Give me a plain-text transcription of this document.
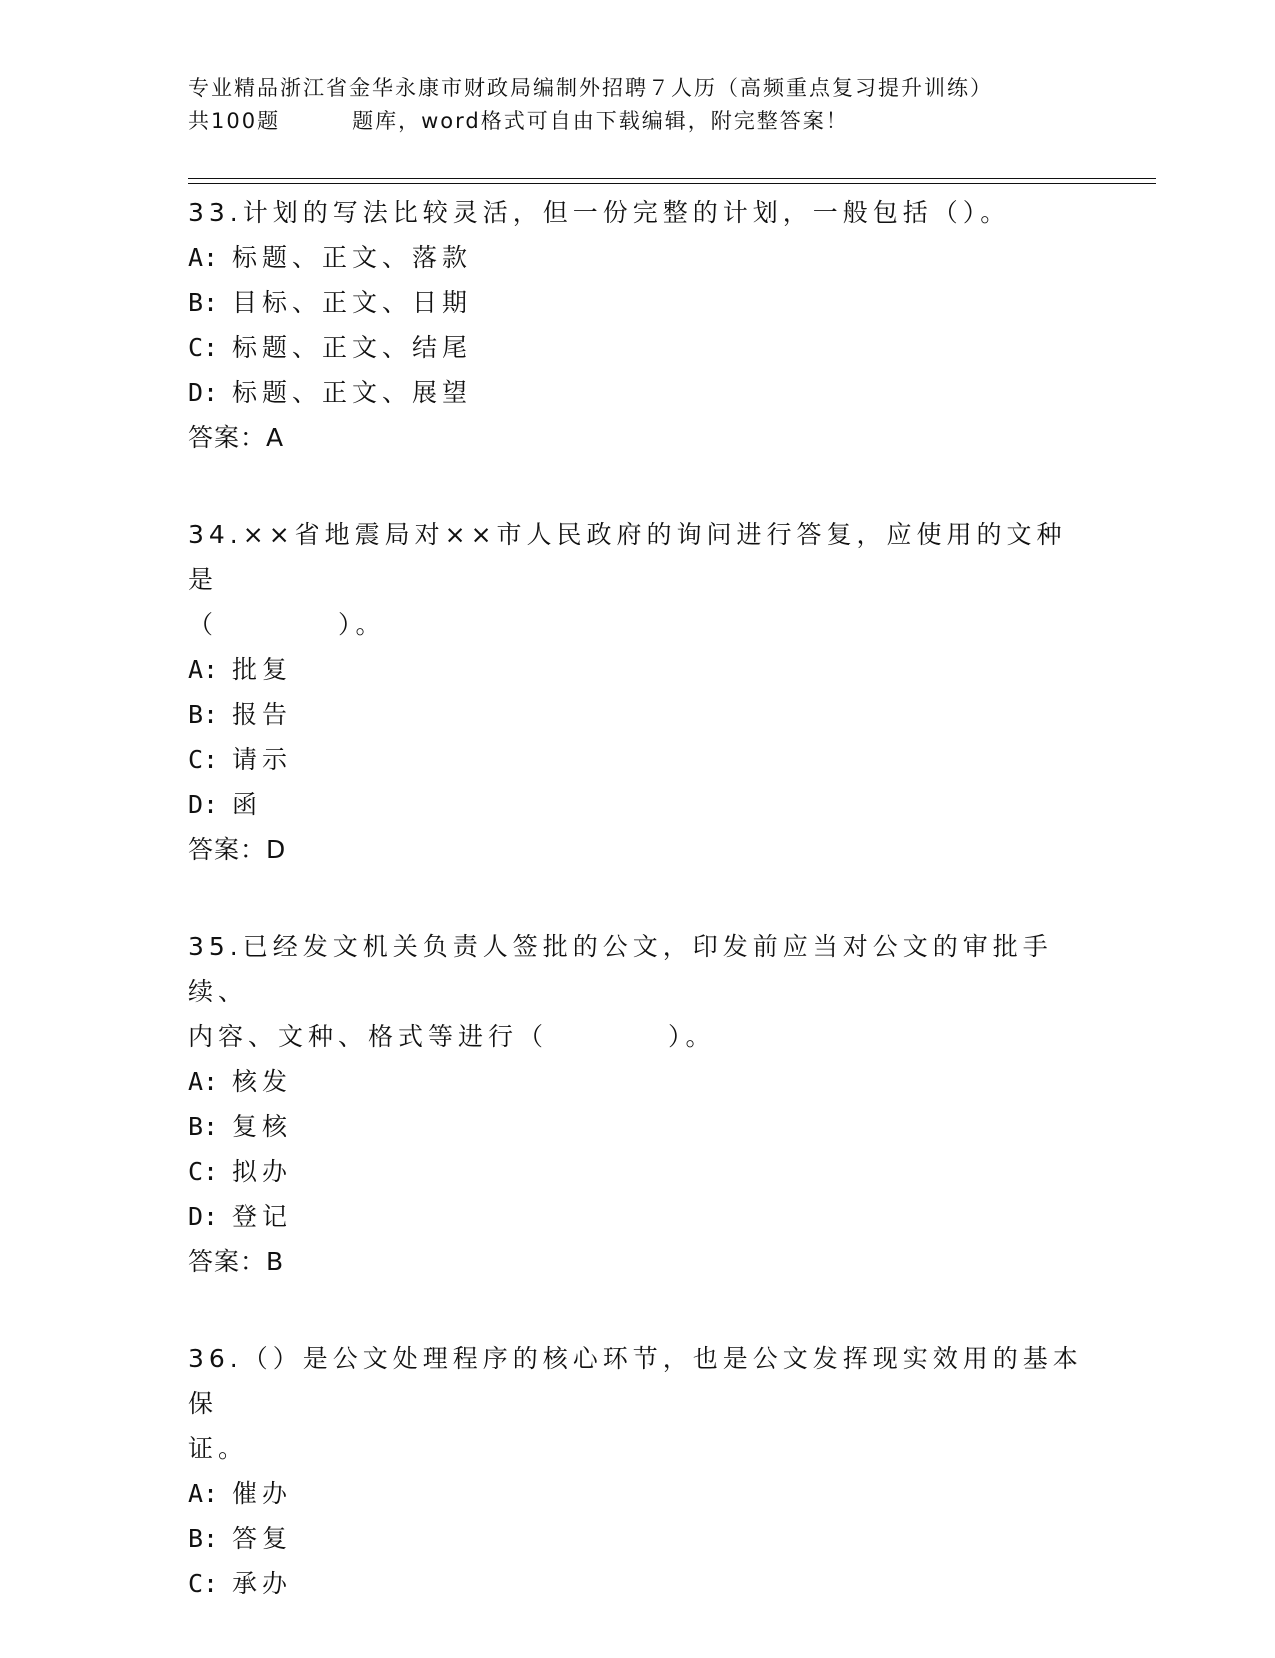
专业精品浙江省金华永康市财政局编制外招聘７人历（高频重点复习提升训练）
共100题	题库，word格式可自由下载编辑，附完整答案！
33.计划的写法比较灵活，但一份完整的计划，一般包括（）。
A: 标题、正文、落款
B: 目标、正文、日期
C: 标题、正文、结尾
D: 标题、正文、展望
答案：A
34.××省地震局对××市人民政府的询问进行答复，应使用的文种是
（	）。
A: 批复
B: 报告
C: 请示
D: 函
答案：D
35.已经发文机关负责人签批的公文，印发前应当对公文的审批手续、
内容、文种、格式等进行（	）。
A: 核发
B: 复核
C: 拟办
D: 登记
答案：B
36.（）是公文处理程序的核心环节，也是公文发挥现实效用的基本保
证。
A: 催办
B: 答复
C: 承办
